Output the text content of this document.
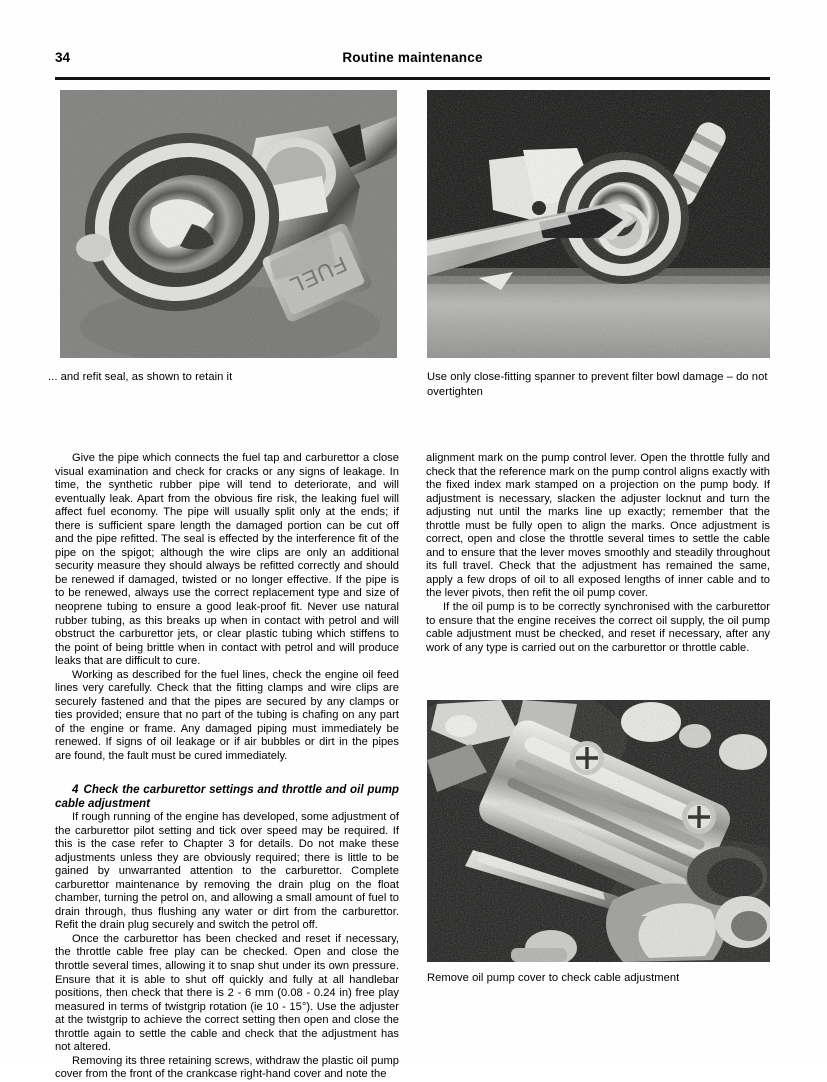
34	Routine maintenance
... and refit seal, as shown to retain it	Use only close-fitting spanner to prevent filter bowl damage – do not overtighten

Give the pipe which connects the fuel tap and carburettor a close visual examination and check for cracks or any signs of leakage. In time, the synthetic rubber pipe will tend to deteriorate, and will eventually leak. Apart from the obvious fire risk, the leaking fuel will affect fuel economy. The pipe will usually split only at the ends; if there is sufficient spare length the damaged portion can be cut off and the pipe refitted. The seal is effected by the interference fit of the pipe on the spigot; although the wire clips are only an additional security measure they should always be refitted correctly and should be renewed if damaged, twisted or no longer effective. If the pipe is to be renewed, always use the correct replacement type and size of neoprene tubing to ensure a good leak-proof fit. Never use natural rubber tubing, as this breaks up when in contact with petrol and will obstruct the carburettor jets, or clear plastic tubing which stiffens to the point of being brittle when in contact with petrol and will produce leaks that are difficult to cure.

Working as described for the fuel lines, check the engine oil feed lines very carefully. Check that the fitting clamps and wire clips are securely fastened and that the pipes are secured by any clamps or ties provided; ensure that no part of the tubing is chafing on any part of the engine or frame. Any damaged piping must immediately be renewed. If signs of oil leakage or if air bubbles or dirt in the pipes are found, the fault must be cured immediately.

4 Check the carburettor settings and throttle and oil pump cable adjustment

If rough running of the engine has developed, some adjustment of the carburettor pilot setting and tick over speed may be required. If this is the case refer to Chapter 3 for details. Do not make these adjustments unless they are obviously required; there is little to be gained by unwarranted attention to the carburettor. Complete carburettor maintenance by removing the drain plug on the float chamber, turning the petrol on, and allowing a small amount of fuel to drain through, thus flushing any water or dirt from the carburettor. Refit the drain plug securely and switch the petrol off.

Once the carburettor has been checked and reset if necessary, the throttle cable free play can be checked. Open and close the throttle several times, allowing it to snap shut under its own pressure. Ensure that it is able to shut off quickly and fully at all handlebar positions, then check that there is 2 - 6 mm (0.08 - 0.24 in) free play measured in terms of twistgrip rotation (ie 10 - 15°). Use the adjuster at the twistgrip to achieve the correct setting then open and close the throttle again to settle the cable and check that the adjustment has not altered.

Removing its three retaining screws, withdraw the plastic oil pump cover from the front of the crankcase right-hand cover and note the

alignment mark on the pump control lever. Open the throttle fully and check that the reference mark on the pump control aligns exactly with the fixed index mark stamped on a projection on the pump body. If adjustment is necessary, slacken the adjuster locknut and turn the adjusting nut until the marks line up exactly; remember that the throttle must be fully open to align the marks. Once adjustment is correct, open and close the throttle several times to settle the cable and to ensure that the lever moves smoothly and steadily throughout its full travel. Check that the adjustment has remained the same, apply a few drops of oil to all exposed lengths of inner cable and to the lever pivots, then refit the oil pump cover.

If the oil pump is to be correctly synchronised with the carburettor to ensure that the engine receives the correct oil supply, the oil pump cable adjustment must be checked, and reset if necessary, after any work of any type is carried out on the carburettor or throttle cable.

Remove oil pump cover to check cable adjustment
